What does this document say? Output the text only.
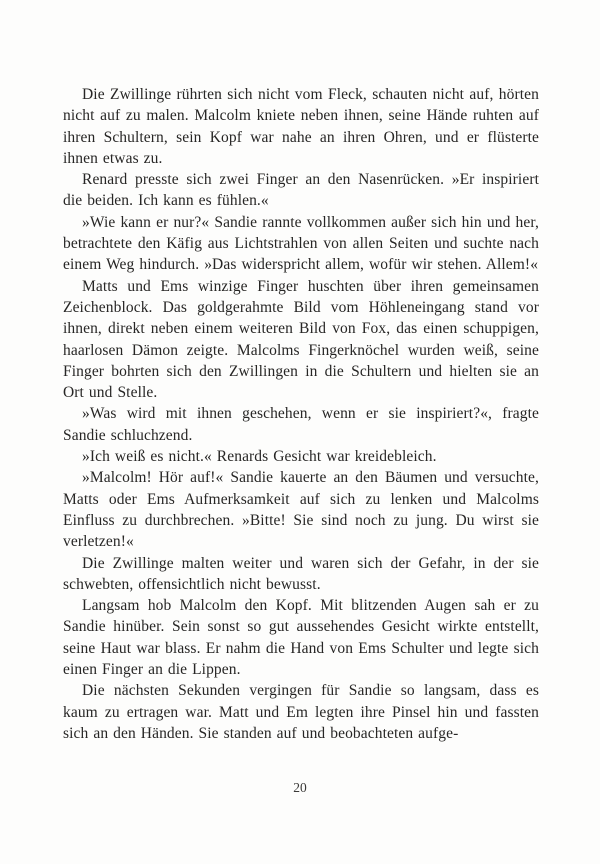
Die Zwillinge rührten sich nicht vom Fleck, schauten nicht auf, hörten nicht auf zu malen. Malcolm kniete neben ihnen, seine Hände ruhten auf ihren Schultern, sein Kopf war nahe an ihren Ohren, und er flüsterte ihnen etwas zu.

Renard presste sich zwei Finger an den Nasenrücken. »Er inspiriert die beiden. Ich kann es fühlen.«

»Wie kann er nur?« Sandie rannte vollkommen außer sich hin und her, betrachtete den Käfig aus Lichtstrahlen von allen Seiten und suchte nach einem Weg hindurch. »Das widerspricht allem, wofür wir stehen. Allem!«

Matts und Ems winzige Finger huschten über ihren gemeinsamen Zeichenblock. Das goldgerahmte Bild vom Höhleneingang stand vor ihnen, direkt neben einem weiteren Bild von Fox, das einen schuppigen, haarlosen Dämon zeigte. Malcolms Fingerknöchel wurden weiß, seine Finger bohrten sich den Zwillingen in die Schultern und hielten sie an Ort und Stelle.

»Was wird mit ihnen geschehen, wenn er sie inspiriert?«, fragte Sandie schluchzend.

»Ich weiß es nicht.« Renards Gesicht war kreidebleich.

»Malcolm! Hör auf!« Sandie kauerte an den Bäumen und versuchte, Matts oder Ems Aufmerksamkeit auf sich zu lenken und Malcolms Einfluss zu durchbrechen. »Bitte! Sie sind noch zu jung. Du wirst sie verletzen!«

Die Zwillinge malten weiter und waren sich der Gefahr, in der sie schwebten, offensichtlich nicht bewusst.

Langsam hob Malcolm den Kopf. Mit blitzenden Augen sah er zu Sandie hinüber. Sein sonst so gut aussehendes Gesicht wirkte entstellt, seine Haut war blass. Er nahm die Hand von Ems Schulter und legte sich einen Finger an die Lippen.

Die nächsten Sekunden vergingen für Sandie so langsam, dass es kaum zu ertragen war. Matt und Em legten ihre Pinsel hin und fassten sich an den Händen. Sie standen auf und beobachteten aufge-

20
